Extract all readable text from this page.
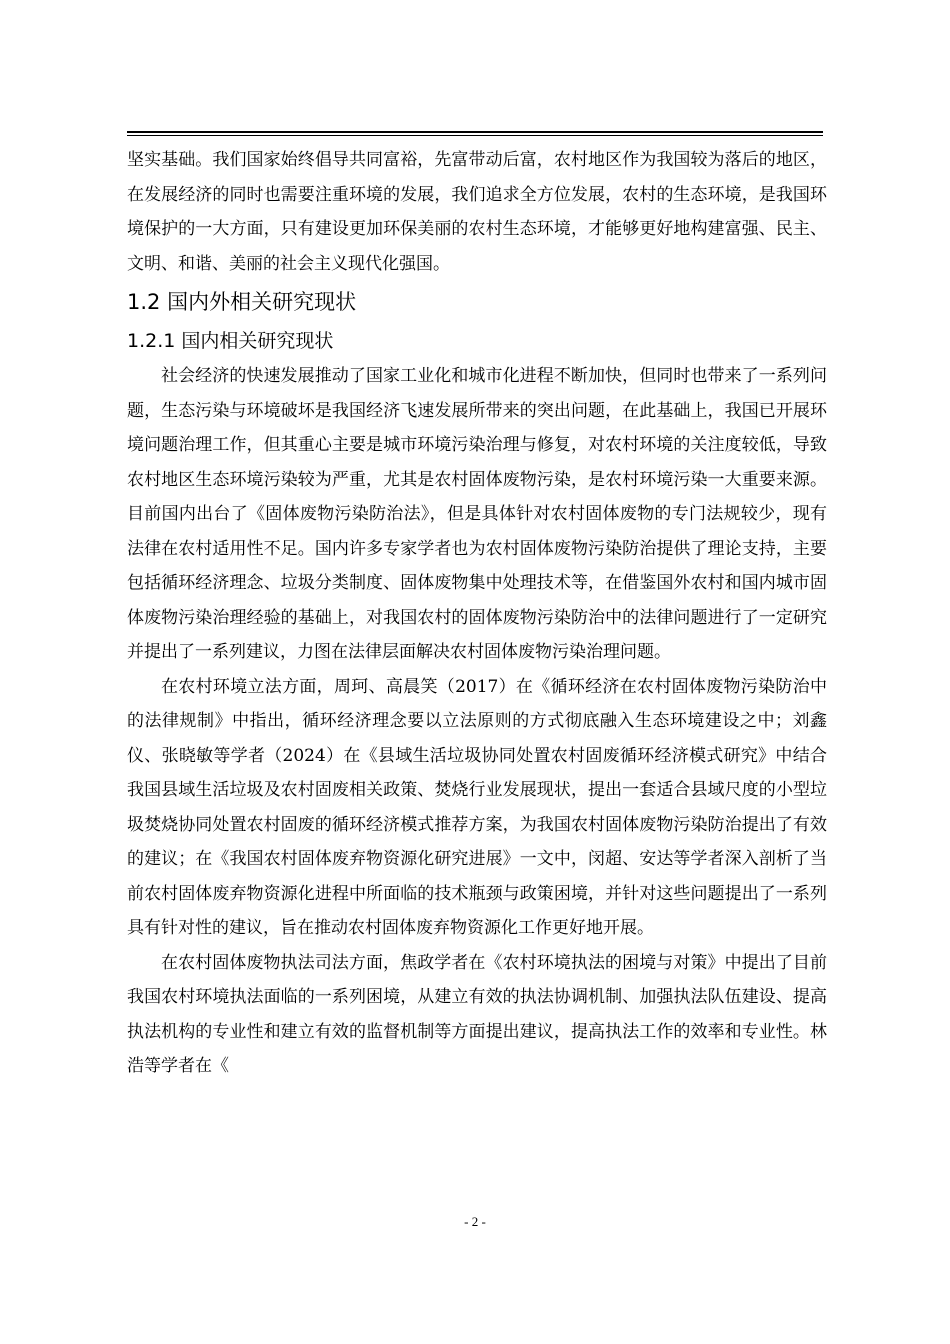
坚实基础。我们国家始终倡导共同富裕，先富带动后富，农村地区作为我国较为落后的地区，在发展经济的同时也需要注重环境的发展，我们追求全方位发展，农村的生态环境，是我国环境保护的一大方面，只有建设更加环保美丽的农村生态环境，才能够更好地构建富强、民主、文明、和谐、美丽的社会主义现代化强国。

1.2 国内外相关研究现状
1.2.1 国内相关研究现状

社会经济的快速发展推动了国家工业化和城市化进程不断加快，但同时也带来了一系列问题，生态污染与环境破坏是我国经济飞速发展所带来的突出问题，在此基础上，我国已开展环境问题治理工作，但其重心主要是城市环境污染治理与修复，对农村环境的关注度较低，导致农村地区生态环境污染较为严重，尤其是农村固体废物污染，是农村环境污染一大重要来源。目前国内出台了《固体废物污染防治法》，但是具体针对农村固体废物的专门法规较少，现有法律在农村适用性不足。国内许多专家学者也为农村固体废物污染防治提供了理论支持，主要包括循环经济理念、垃圾分类制度、固体废物集中处理技术等，在借鉴国外农村和国内城市固体废物污染治理经验的基础上，对我国农村的固体废物污染防治中的法律问题进行了一定研究并提出了一系列建议，力图在法律层面解决农村固体废物污染治理问题。

在农村环境立法方面，周珂、高晨笑（2017）在《循环经济在农村固体废物污染防治中的法律规制》中指出，循环经济理念要以立法原则的方式彻底融入生态环境建设之中；刘鑫仪、张晓敏等学者（2024）在《县域生活垃圾协同处置农村固废循环经济模式研究》中结合我国县域生活垃圾及农村固废相关政策、焚烧行业发展现状，提出一套适合县域尺度的小型垃圾焚烧协同处置农村固废的循环经济模式推荐方案，为我国农村固体废物污染防治提出了有效的建议；在《我国农村固体废弃物资源化研究进展》一文中，闵超、安达等学者深入剖析了当前农村固体废弃物资源化进程中所面临的技术瓶颈与政策困境，并针对这些问题提出了一系列具有针对性的建议，旨在推动农村固体废弃物资源化工作更好地开展。

在农村固体废物执法司法方面，焦政学者在《农村环境执法的困境与对策》中提出了目前我国农村环境执法面临的一系列困境，从建立有效的执法协调机制、加强执法队伍建设、提高执法机构的专业性和建立有效的监督机制等方面提出建议，提高执法工作的效率和专业性。林浩等学者在《

- 2 -
